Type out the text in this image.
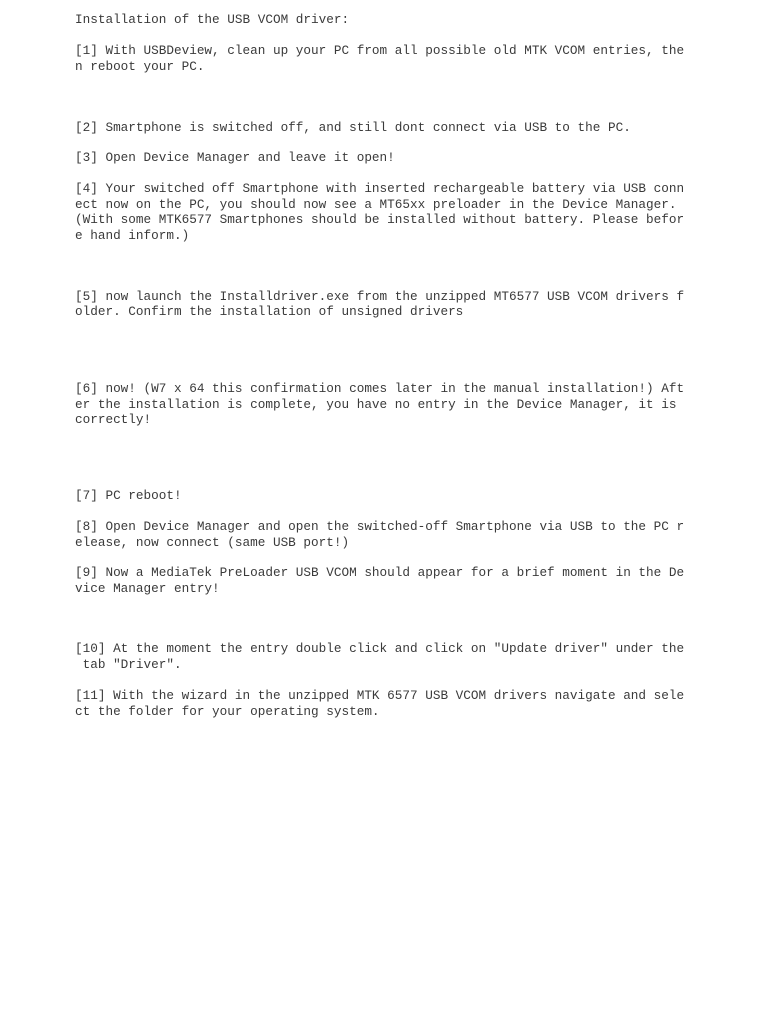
Installation of the USB VCOM driver:

[1] With USBDeview, clean up your PC from all possible old MTK VCOM entries, the

n reboot your PC.

[2] Smartphone is switched off, and still dont connect via USB to the PC.

[3] Open Device Manager and leave it open!

[4] Your switched off Smartphone with inserted rechargeable battery via USB conn

ect now on the PC, you should now see a MT65xx preloader in the Device Manager.

(With some MTK6577 Smartphones should be installed without battery. Please befor

e hand inform.)

[5] now launch the Installdriver.exe from the unzipped MT6577 USB VCOM drivers f

older. Confirm the installation of unsigned drivers

[6] now! (W7 x 64 this confirmation comes later in the manual installation!) Aft

er the installation is complete, you have no entry in the Device Manager, it is

correctly!

[7] PC reboot!

[8] Open Device Manager and open the switched-off Smartphone via USB to the PC r

elease, now connect (same USB port!)

[9] Now a MediaTek PreLoader USB VCOM should appear for a brief moment in the De

vice Manager entry!

[10] At the moment the entry double click and click on "Update driver" under the

tab "Driver".

[11] With the wizard in the unzipped MTK 6577 USB VCOM drivers navigate and sele

ct the folder for your operating system.
